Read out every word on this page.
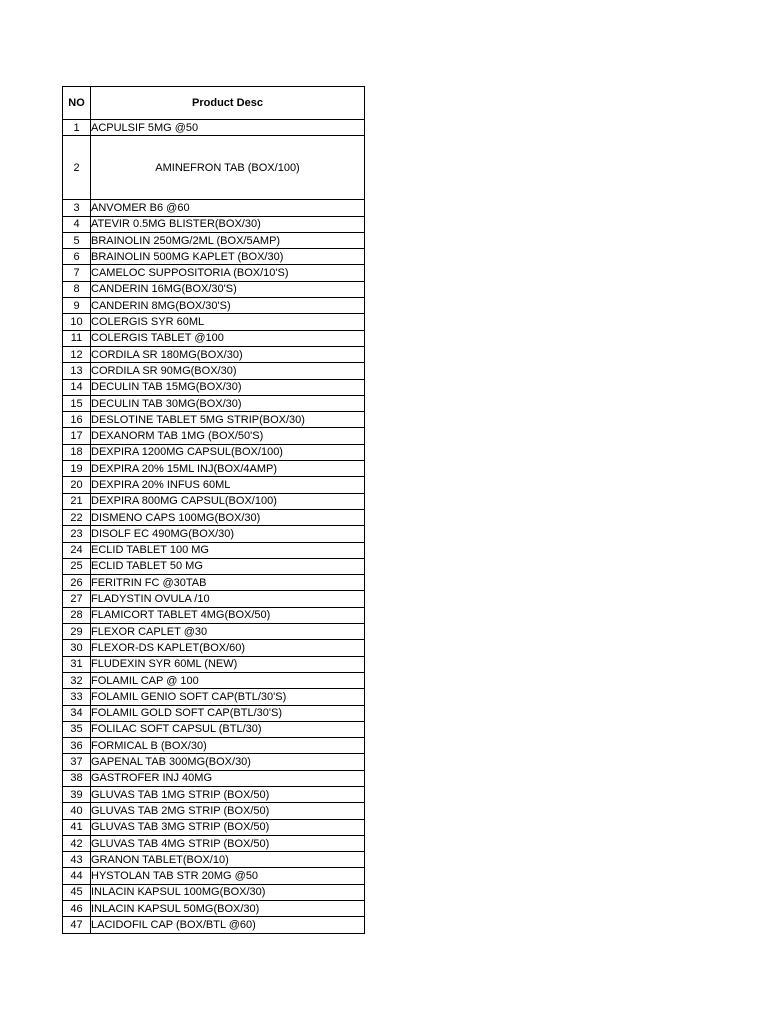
NO	Product Desc
1	ACPULSIF 5MG @50
2	AMINEFRON TAB (BOX/100)
3	ANVOMER B6 @60
4	ATEVIR 0.5MG BLISTER(BOX/30)
5	BRAINOLIN 250MG/2ML (BOX/5AMP)
6	BRAINOLIN 500MG KAPLET (BOX/30)
7	CAMELOC SUPPOSITORIA (BOX/10'S)
8	CANDERIN 16MG(BOX/30'S)
9	CANDERIN 8MG(BOX/30'S)
10	COLERGIS SYR 60ML
11	COLERGIS TABLET @100
12	CORDILA SR 180MG(BOX/30)
13	CORDILA SR 90MG(BOX/30)
14	DECULIN TAB 15MG(BOX/30)
15	DECULIN TAB 30MG(BOX/30)
16	DESLOTINE TABLET 5MG STRIP(BOX/30)
17	DEXANORM TAB 1MG (BOX/50'S)
18	DEXPIRA 1200MG CAPSUL(BOX/100)
19	DEXPIRA 20% 15ML INJ(BOX/4AMP)
20	DEXPIRA 20% INFUS 60ML
21	DEXPIRA 800MG CAPSUL(BOX/100)
22	DISMENO CAPS 100MG(BOX/30)
23	DISOLF EC 490MG(BOX/30)
24	ECLID TABLET 100 MG
25	ECLID TABLET 50 MG
26	FERITRIN FC @30TAB
27	FLADYSTIN OVULA /10
28	FLAMICORT TABLET 4MG(BOX/50)
29	FLEXOR CAPLET @30
30	FLEXOR-DS KAPLET(BOX/60)
31	FLUDEXIN SYR 60ML (NEW)
32	FOLAMIL CAP @ 100
33	FOLAMIL GENIO SOFT CAP(BTL/30'S)
34	FOLAMIL GOLD SOFT CAP(BTL/30'S)
35	FOLILAC SOFT CAPSUL (BTL/30)
36	FORMICAL B (BOX/30)
37	GAPENAL TAB 300MG(BOX/30)
38	GASTROFER INJ 40MG
39	GLUVAS TAB 1MG STRIP (BOX/50)
40	GLUVAS TAB 2MG STRIP (BOX/50)
41	GLUVAS TAB 3MG STRIP (BOX/50)
42	GLUVAS TAB 4MG STRIP (BOX/50)
43	GRANON TABLET(BOX/10)
44	HYSTOLAN TAB STR 20MG @50
45	INLACIN KAPSUL 100MG(BOX/30)
46	INLACIN KAPSUL 50MG(BOX/30)
47	LACIDOFIL CAP (BOX/BTL @60)
